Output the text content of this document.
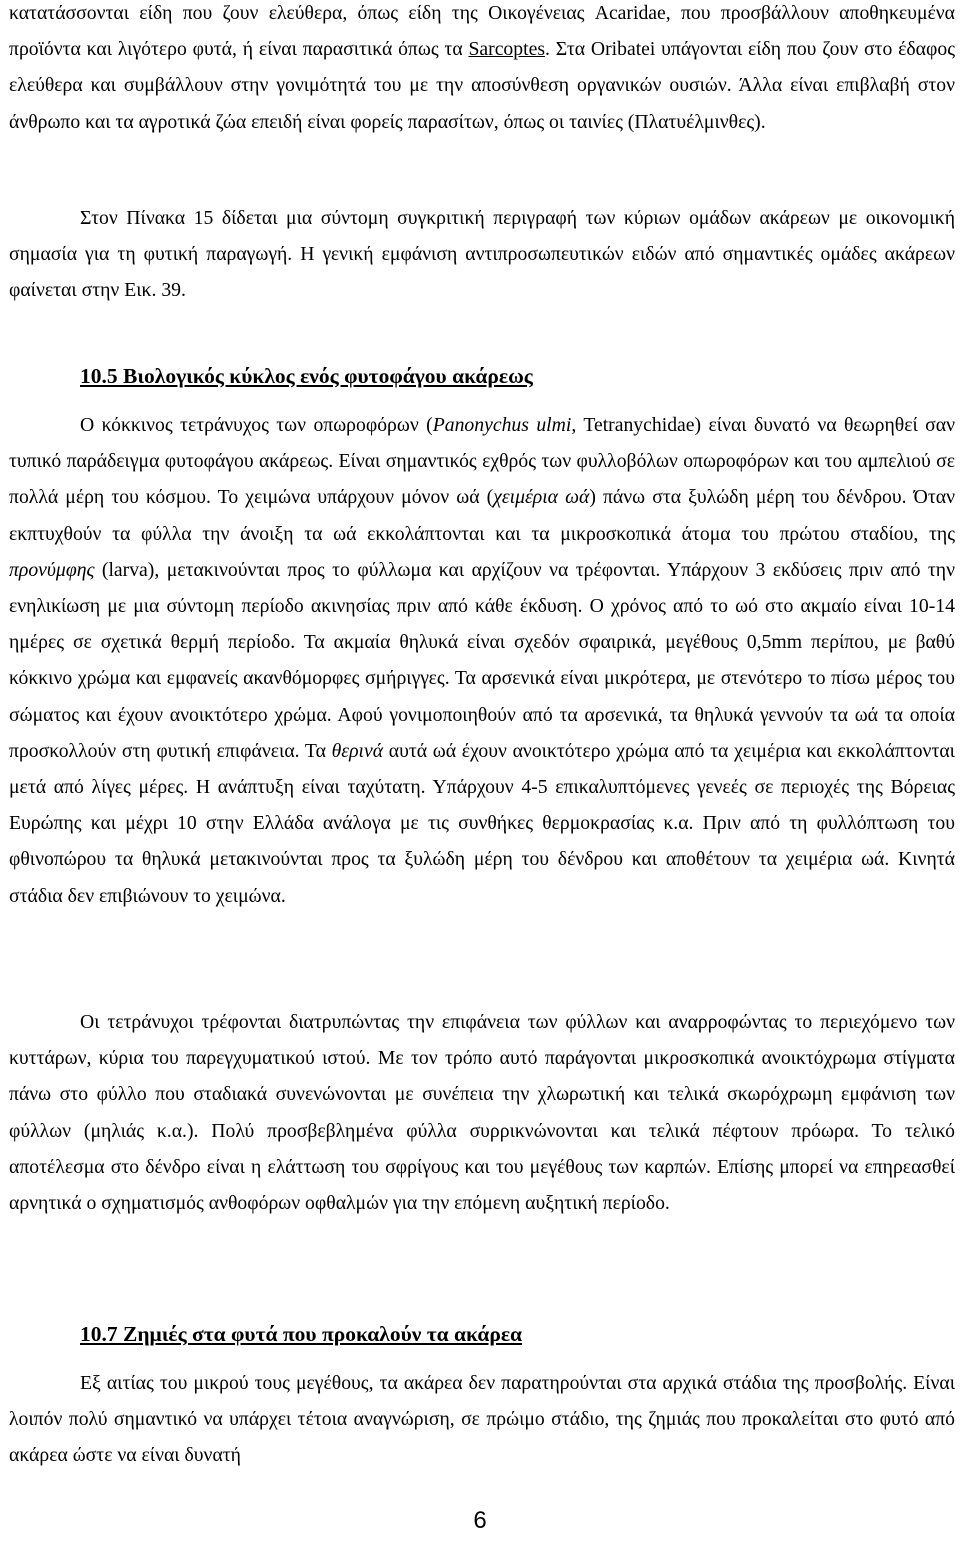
κατατάσσονται είδη που ζουν ελεύθερα, όπως είδη της Οικογένειας Acaridae, που προσβάλλουν αποθηκευμένα προϊόντα και λιγότερο φυτά, ή είναι παρασιτικά όπως τα Sarcoptes. Στα Oribatei υπάγονται είδη που ζουν στο έδαφος ελεύθερα και συμβάλλουν στην γονιμότητά του με την αποσύνθεση οργανικών ουσιών. Άλλα είναι επιβλαβή στον άνθρωπο και τα αγροτικά ζώα επειδή είναι φορείς παρασίτων, όπως οι ταινίες (Πλατυέλμινθες).

Στον Πίνακα 15 δίδεται μια σύντομη συγκριτική περιγραφή των κύριων ομάδων ακάρεων με οικονομική σημασία για τη φυτική παραγωγή. Η γενική εμφάνιση αντιπροσωπευτικών ειδών από σημαντικές ομάδες ακάρεων φαίνεται στην Εικ. 39.

10.5 Βιολογικός κύκλος ενός φυτοφάγου ακάρεως

Ο κόκκινος τετράνυχος των οπωροφόρων (Panonychus ulmi, Tetranychidae) είναι δυνατό να θεωρηθεί σαν τυπικό παράδειγμα φυτοφάγου ακάρεως. Είναι σημαντικός εχθρός των φυλλοβόλων οπωροφόρων και του αμπελιού σε πολλά μέρη του κόσμου. Το χειμώνα υπάρχουν μόνον ωά (χειμέρια ωά) πάνω στα ξυλώδη μέρη του δένδρου. Όταν εκπτυχθούν τα φύλλα την άνοιξη τα ωά εκκολάπτονται και τα μικροσκοπικά άτομα του πρώτου σταδίου, της προνύμφης (larva), μετακινούνται προς το φύλλωμα και αρχίζουν να τρέφονται. Υπάρχουν 3 εκδύσεις πριν από την ενηλικίωση με μια σύντομη περίοδο ακινησίας πριν από κάθε έκδυση. Ο χρόνος από το ωό στο ακμαίο είναι 10-14 ημέρες σε σχετικά θερμή περίοδο. Τα ακμαία θηλυκά είναι σχεδόν σφαιρικά, μεγέθους 0,5mm περίπου, με βαθύ κόκκινο χρώμα και εμφανείς ακανθόμορφες σμήριγγες. Τα αρσενικά είναι μικρότερα, με στενότερο το πίσω μέρος του σώματος και έχουν ανοικτότερο χρώμα. Αφού γονιμοποιηθούν από τα αρσενικά, τα θηλυκά γεννούν τα ωά τα οποία προσκολλούν στη φυτική επιφάνεια. Τα θερινά αυτά ωά έχουν ανοικτότερο χρώμα από τα χειμέρια και εκκολάπτονται μετά από λίγες μέρες. Η ανάπτυξη είναι ταχύτατη. Υπάρχουν 4-5 επικαλυπτόμενες γενεές σε περιοχές της Βόρειας Ευρώπης και μέχρι 10 στην Ελλάδα ανάλογα με τις συνθήκες θερμοκρασίας κ.α. Πριν από τη φυλλόπτωση του φθινοπώρου τα θηλυκά μετακινούνται προς τα ξυλώδη μέρη του δένδρου και αποθέτουν τα χειμέρια ωά. Κινητά στάδια δεν επιβιώνουν το χειμώνα.

Οι τετράνυχοι τρέφονται διατρυπώντας την επιφάνεια των φύλλων και αναρροφώντας το περιεχόμενο των κυττάρων, κύρια του παρεγχυματικού ιστού. Με τον τρόπο αυτό παράγονται μικροσκοπικά ανοικτόχρωμα στίγματα πάνω στο φύλλο που σταδιακά συνενώνονται με συνέπεια την χλωρωτική και τελικά σκωρόχρωμη εμφάνιση των φύλλων (μηλιάς κ.α.). Πολύ προσβεβλημένα φύλλα συρρικνώνονται και τελικά πέφτουν πρόωρα. Το τελικό αποτέλεσμα στο δένδρο είναι η ελάττωση του σφρίγους και του μεγέθους των καρπών. Επίσης μπορεί να επηρεασθεί αρνητικά ο σχηματισμός ανθοφόρων οφθαλμών για την επόμενη αυξητική περίοδο.

10.7 Ζημιές στα φυτά που προκαλούν τα ακάρεα

Εξ αιτίας του μικρού τους μεγέθους, τα ακάρεα δεν παρατηρούνται στα αρχικά στάδια της προσβολής. Είναι λοιπόν πολύ σημαντικό να υπάρχει τέτοια αναγνώριση, σε πρώιμο στάδιο, της ζημιάς που προκαλείται στο φυτό από ακάρεα ώστε να είναι δυνατή

6
